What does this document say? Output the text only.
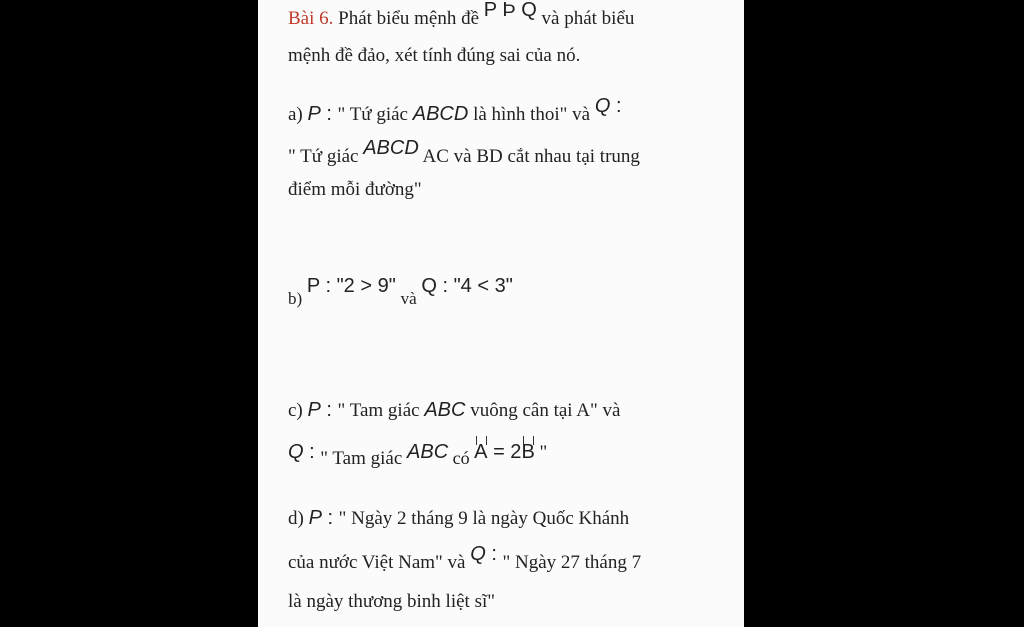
Bài 6. Phát biểu mệnh đề P Þ Q và phát biểu
mệnh đề đảo, xét tính đúng sai của nó.
a) P : " Tứ giác ABCD là hình thoi" và Q :
" Tứ giác ABCD AC và BD cắt nhau tại trung
điểm mỗi đường"
b) P : "2 > 9" và Q : "4 < 3"
c) P : " Tam giác ABC vuông cân tại A" và
Q : " Tam giác ABC có A = 2B "
d) P : " Ngày 2 tháng 9 là ngày Quốc Khánh
của nước Việt Nam" và Q : " Ngày 27 tháng 7
là ngày thương binh liệt sĩ"
